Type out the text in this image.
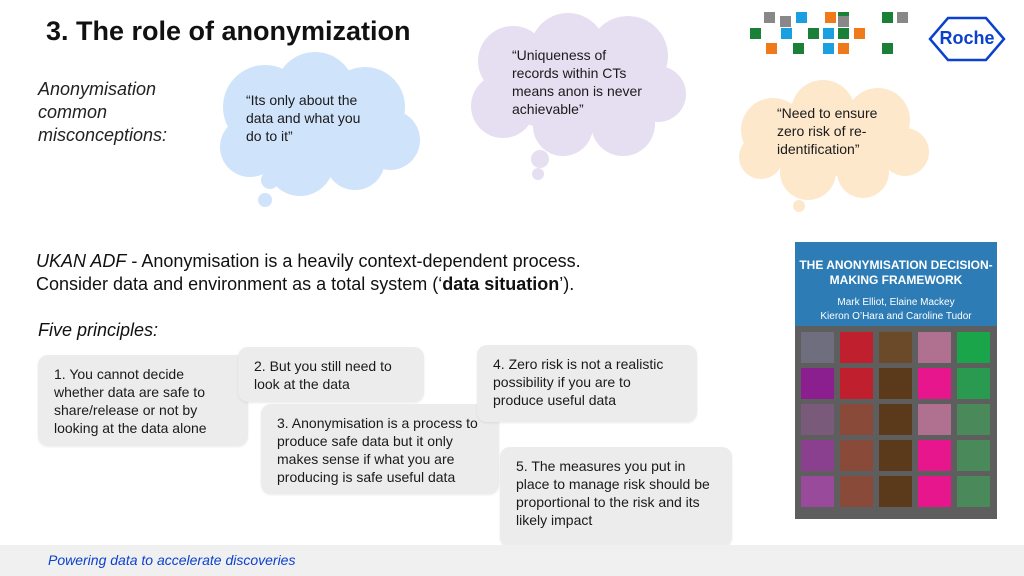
3. The role of anonymization
Anonymisation common misconceptions:
“Its only about the data and what you do to it”
“Uniqueness of records within CTs means anon is never achievable”	“Need to ensure zero risk of re-identification”
UKAN ADF - Anonymisation is a heavily context-dependent process.
Consider data and environment as a total system (‘data situation’).
Five principles:
1. You cannot decide whether data are safe to share/release or not by looking at the data alone
2. But you still need to look at the data
3. Anonymisation is a process to produce safe data but it only makes sense if what you are producing is safe useful data
4. Zero risk is not a realistic possibility if you are to produce useful data
5. The measures you put in place to manage risk should be proportional to the risk and its likely impact
THE ANONYMISATION DECISION-MAKING FRAMEWORK
Mark Elliot, Elaine Mackey
Kieron O’Hara and Caroline Tudor
Roche
Powering data to accelerate discoveries
